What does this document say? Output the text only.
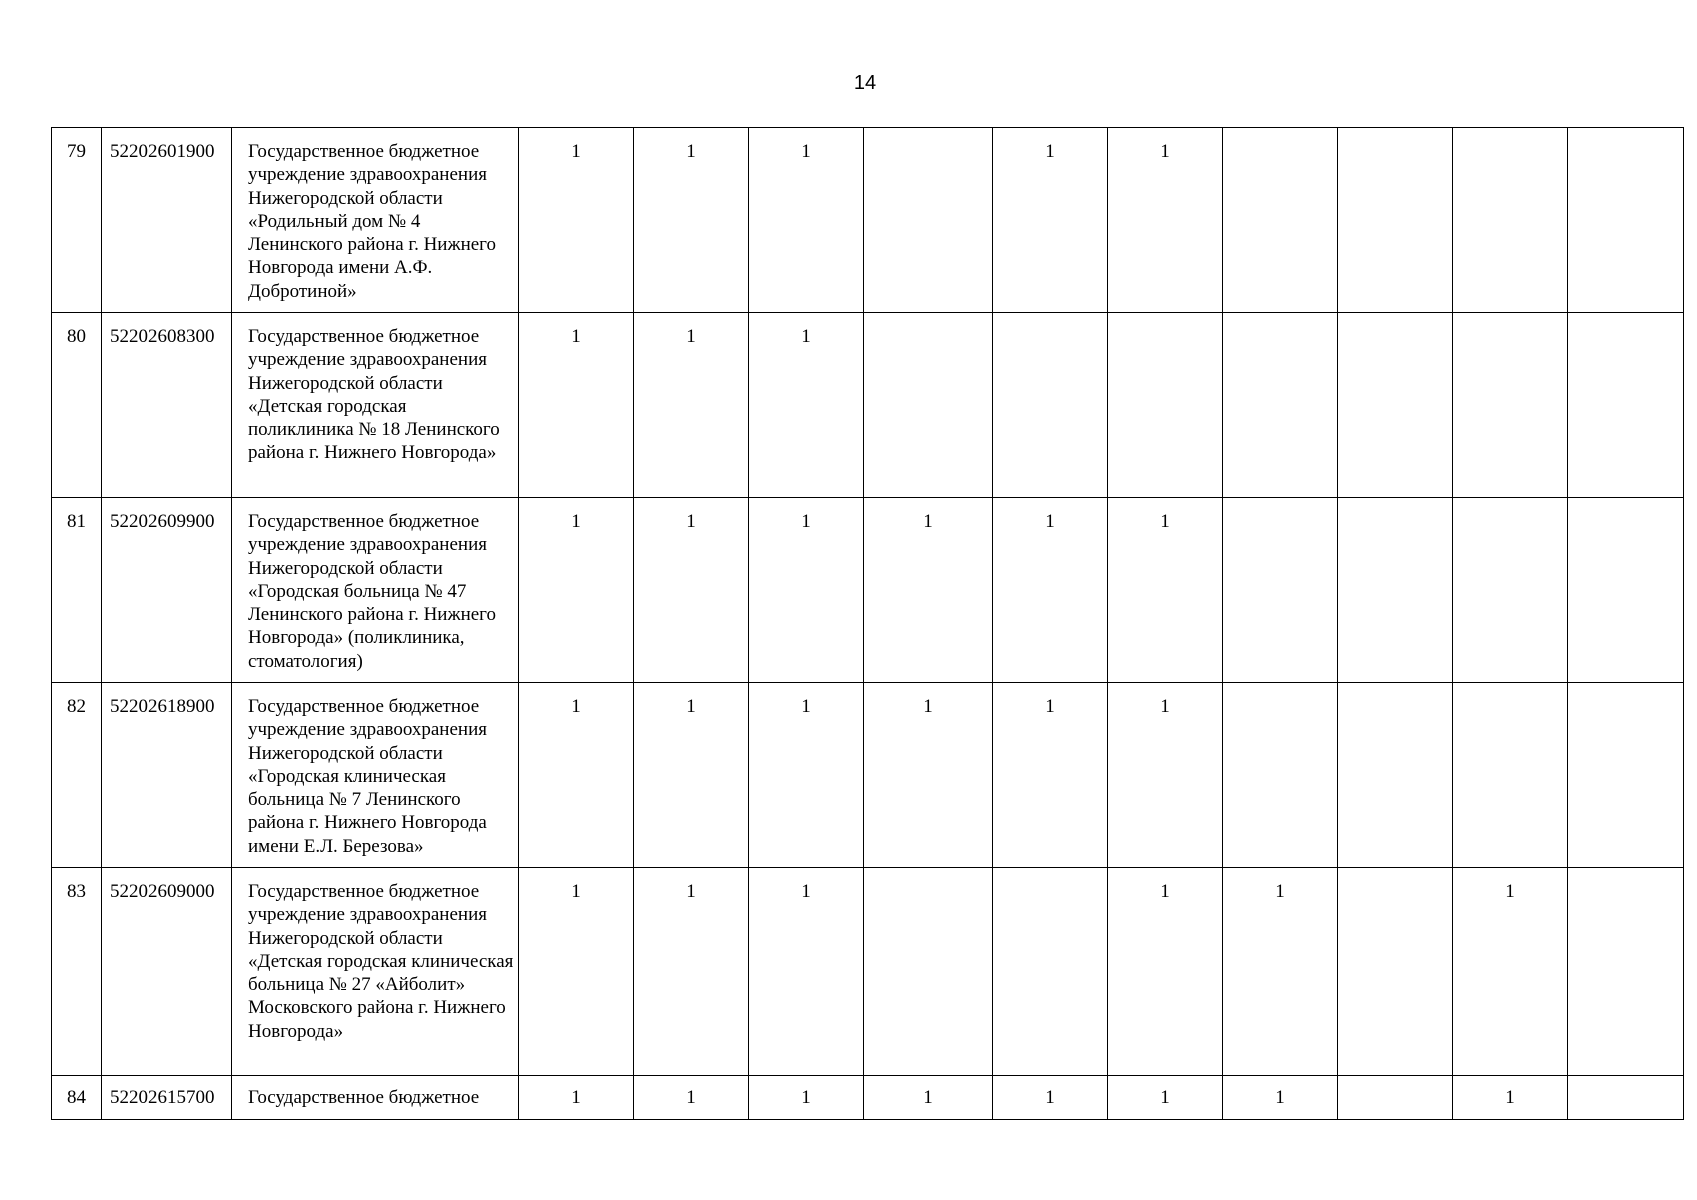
14
79	52202601900	Государственное бюджетное учреждение здравоохранения Нижегородской области «Родильный дом № 4 Ленинского района г. Нижнего Новгорода имени А.Ф. Добротиной»	1	1	1		1	1				
80	52202608300	Государственное бюджетное учреждение здравоохранения Нижегородской области «Детская городская поликлиника № 18 Ленинского района г. Нижнего Новгорода»	1	1	1							
81	52202609900	Государственное бюджетное учреждение здравоохранения Нижегородской области «Городская больница № 47 Ленинского района г. Нижнего Новгорода» (поликлиника, стоматология)	1	1	1	1	1	1				
82	52202618900	Государственное бюджетное учреждение здравоохранения Нижегородской области «Городская клиническая больница № 7 Ленинского района г. Нижнего Новгорода имени Е.Л. Березова»	1	1	1	1	1	1				
83	52202609000	Государственное бюджетное учреждение здравоохранения Нижегородской области «Детская городская клиническая больница № 27 «Айболит» Московского района г. Нижнего Новгорода»	1	1	1			1	1		1	
84	52202615700	Государственное бюджетное	1	1	1	1	1	1	1		1	
